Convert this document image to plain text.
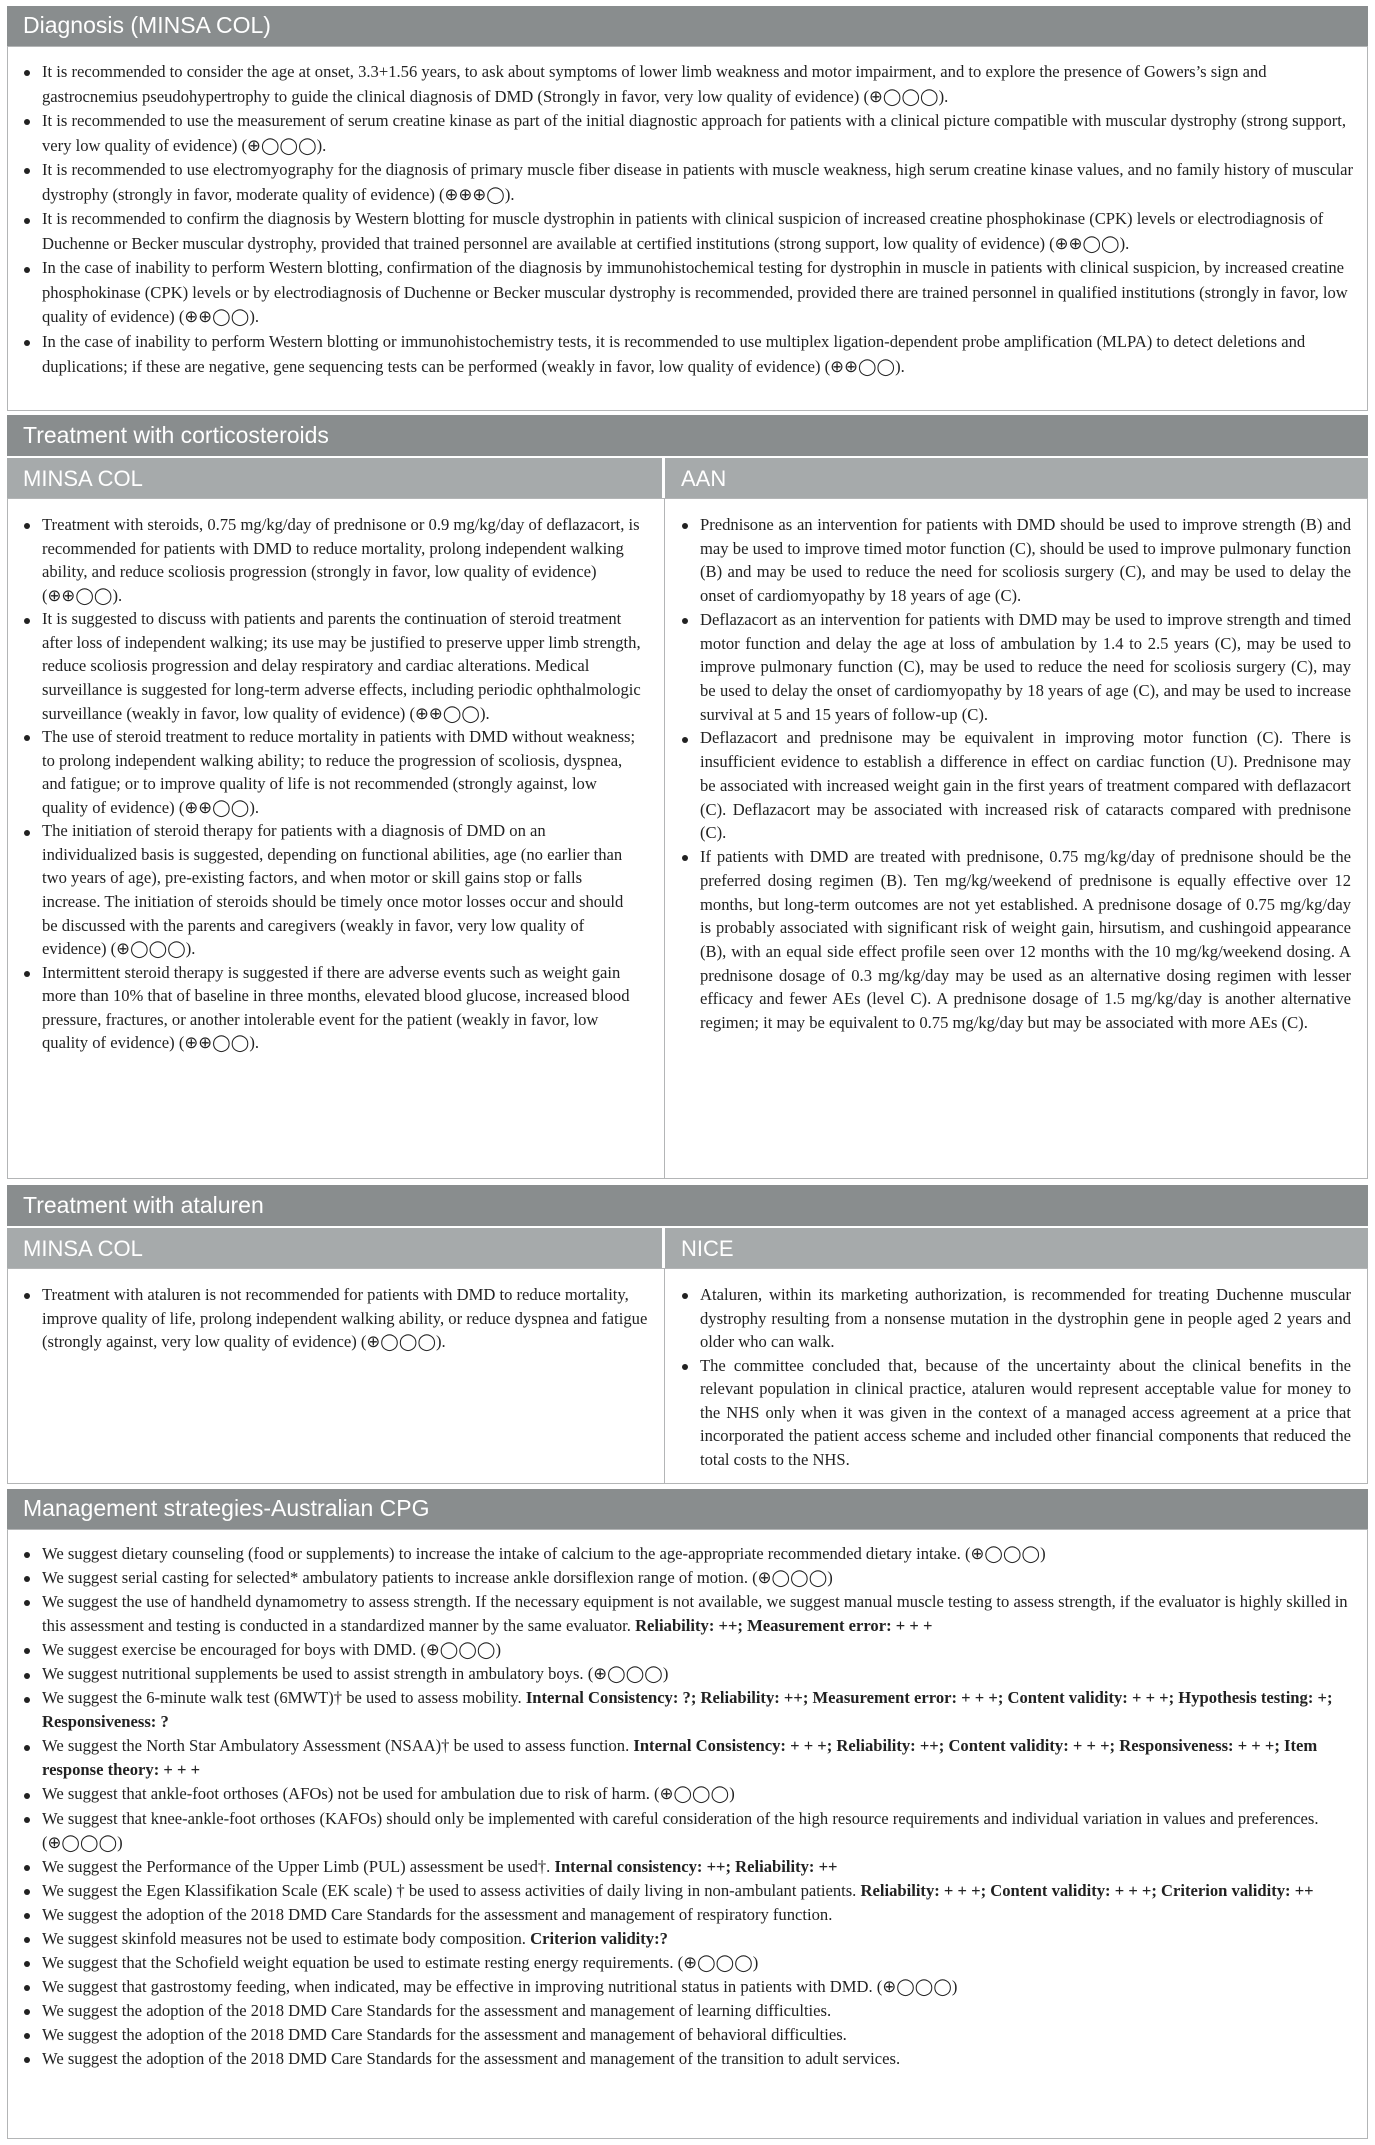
Diagnosis (MINSA COL)
It is recommended to consider the age at onset, 3.3+1.56 years, to ask about symptoms of lower limb weakness and motor impairment, and to explore the presence of Gowers’s sign and gastrocnemius pseudohypertrophy to guide the clinical diagnosis of DMD (Strongly in favor, very low quality of evidence) (⊕◯◯◯).
It is recommended to use the measurement of serum creatine kinase as part of the initial diagnostic approach for patients with a clinical picture compatible with muscular dystrophy (strong support, very low quality of evidence) (⊕◯◯◯).
It is recommended to use electromyography for the diagnosis of primary muscle fiber disease in patients with muscle weakness, high serum creatine kinase values, and no family history of muscular dystrophy (strongly in favor, moderate quality of evidence) (⊕⊕⊕◯).
It is recommended to confirm the diagnosis by Western blotting for muscle dystrophin in patients with clinical suspicion of increased creatine phosphokinase (CPK) levels or electrodiagnosis of Duchenne or Becker muscular dystrophy, provided that trained personnel are available at certified institutions (strong support, low quality of evidence) (⊕⊕◯◯).
In the case of inability to perform Western blotting, confirmation of the diagnosis by immunohistochemical testing for dystrophin in muscle in patients with clinical suspicion, by increased creatine phosphokinase (CPK) levels or by electrodiagnosis of Duchenne or Becker muscular dystrophy is recommended, provided there are trained personnel in qualified institutions (strongly in favor, low quality of evidence) (⊕⊕◯◯).
In the case of inability to perform Western blotting or immunohistochemistry tests, it is recommended to use multiplex ligation-dependent probe amplification (MLPA) to detect deletions and duplications; if these are negative, gene sequencing tests can be performed (weakly in favor, low quality of evidence) (⊕⊕◯◯).
Treatment with corticosteroids
MINSA COL	AAN
Treatment with steroids, 0.75 mg/kg/day of prednisone or 0.9 mg/kg/day of deflazacort, is recommended for patients with DMD to reduce mortality, prolong independent walking ability, and reduce scoliosis progression (strongly in favor, low quality of evidence) (⊕⊕◯◯).
It is suggested to discuss with patients and parents the continuation of steroid treatment after loss of independent walking; its use may be justified to preserve upper limb strength, reduce scoliosis progression and delay respiratory and cardiac alterations. Medical surveillance is suggested for long-term adverse effects, including periodic ophthalmologic surveillance (weakly in favor, low quality of evidence) (⊕⊕◯◯).
The use of steroid treatment to reduce mortality in patients with DMD without weakness; to prolong independent walking ability; to reduce the progression of scoliosis, dyspnea, and fatigue; or to improve quality of life is not recommended (strongly against, low quality of evidence) (⊕⊕◯◯).
The initiation of steroid therapy for patients with a diagnosis of DMD on an individualized basis is suggested, depending on functional abilities, age (no earlier than two years of age), pre-existing factors, and when motor or skill gains stop or falls increase. The initiation of steroids should be timely once motor losses occur and should be discussed with the parents and caregivers (weakly in favor, very low quality of evidence) (⊕◯◯◯).
Intermittent steroid therapy is suggested if there are adverse events such as weight gain more than 10% that of baseline in three months, elevated blood glucose, increased blood pressure, fractures, or another intolerable event for the patient (weakly in favor, low quality of evidence) (⊕⊕◯◯).
Prednisone as an intervention for patients with DMD should be used to improve strength (B) and may be used to improve timed motor function (C), should be used to improve pulmonary function (B) and may be used to reduce the need for scoliosis surgery (C), and may be used to delay the onset of cardiomyopathy by 18 years of age (C).
Deflazacort as an intervention for patients with DMD may be used to improve strength and timed motor function and delay the age at loss of ambulation by 1.4 to 2.5 years (C), may be used to improve pulmonary function (C), may be used to reduce the need for scoliosis surgery (C), may be used to delay the onset of cardiomyopathy by 18 years of age (C), and may be used to increase survival at 5 and 15 years of follow-up (C).
Deflazacort and prednisone may be equivalent in improving motor function (C). There is insufficient evidence to establish a difference in effect on cardiac function (U). Prednisone may be associated with increased weight gain in the first years of treatment compared with deflazacort (C). Deflazacort may be associated with increased risk of cataracts compared with prednisone (C).
If patients with DMD are treated with prednisone, 0.75 mg/kg/day of prednisone should be the preferred dosing regimen (B). Ten mg/kg/weekend of prednisone is equally effective over 12 months, but long-term outcomes are not yet established. A prednisone dosage of 0.75 mg/kg/day is probably associated with significant risk of weight gain, hirsutism, and cushingoid appearance (B), with an equal side effect profile seen over 12 months with the 10 mg/kg/weekend dosing. A prednisone dosage of 0.3 mg/kg/day may be used as an alternative dosing regimen with lesser efficacy and fewer AEs (level C). A prednisone dosage of 1.5 mg/kg/day is another alternative regimen; it may be equivalent to 0.75 mg/kg/day but may be associated with more AEs (C).
Treatment with ataluren
MINSA COL	NICE
Treatment with ataluren is not recommended for patients with DMD to reduce mortality, improve quality of life, prolong independent walking ability, or reduce dyspnea and fatigue (strongly against, very low quality of evidence) (⊕◯◯◯).
Ataluren, within its marketing authorization, is recommended for treating Duchenne muscular dystrophy resulting from a nonsense mutation in the dystrophin gene in people aged 2 years and older who can walk.
The committee concluded that, because of the uncertainty about the clinical benefits in the relevant population in clinical practice, ataluren would represent acceptable value for money to the NHS only when it was given in the context of a managed access agreement at a price that incorporated the patient access scheme and included other financial components that reduced the total costs to the NHS.
Management strategies-Australian CPG
We suggest dietary counseling (food or supplements) to increase the intake of calcium to the age-appropriate recommended dietary intake. (⊕◯◯◯)
We suggest serial casting for selected* ambulatory patients to increase ankle dorsiflexion range of motion. (⊕◯◯◯)
We suggest the use of handheld dynamometry to assess strength. If the necessary equipment is not available, we suggest manual muscle testing to assess strength, if the evaluator is highly skilled in this assessment and testing is conducted in a standardized manner by the same evaluator. Reliability: ++; Measurement error: + + +
We suggest exercise be encouraged for boys with DMD. (⊕◯◯◯)
We suggest nutritional supplements be used to assist strength in ambulatory boys. (⊕◯◯◯)
We suggest the 6-minute walk test (6MWT)† be used to assess mobility. Internal Consistency: ?; Reliability: ++; Measurement error: + + +; Content validity: + + +; Hypothesis testing: +; Responsiveness: ?
We suggest the North Star Ambulatory Assessment (NSAA)† be used to assess function. Internal Consistency: + + +; Reliability: ++; Content validity: + + +; Responsiveness: + + +; Item response theory: + + +
We suggest that ankle-foot orthoses (AFOs) not be used for ambulation due to risk of harm. (⊕◯◯◯)
We suggest that knee-ankle-foot orthoses (KAFOs) should only be implemented with careful consideration of the high resource requirements and individual variation in values and preferences. (⊕◯◯◯)
We suggest the Performance of the Upper Limb (PUL) assessment be used†. Internal consistency: ++; Reliability: ++
We suggest the Egen Klassifikation Scale (EK scale) † be used to assess activities of daily living in non-ambulant patients. Reliability: + + +; Content validity: + + +; Criterion validity: ++
We suggest the adoption of the 2018 DMD Care Standards for the assessment and management of respiratory function.
We suggest skinfold measures not be used to estimate body composition. Criterion validity:?
We suggest that the Schofield weight equation be used to estimate resting energy requirements. (⊕◯◯◯)
We suggest that gastrostomy feeding, when indicated, may be effective in improving nutritional status in patients with DMD. (⊕◯◯◯)
We suggest the adoption of the 2018 DMD Care Standards for the assessment and management of learning difficulties.
We suggest the adoption of the 2018 DMD Care Standards for the assessment and management of behavioral difficulties.
We suggest the adoption of the 2018 DMD Care Standards for the assessment and management of the transition to adult services.
